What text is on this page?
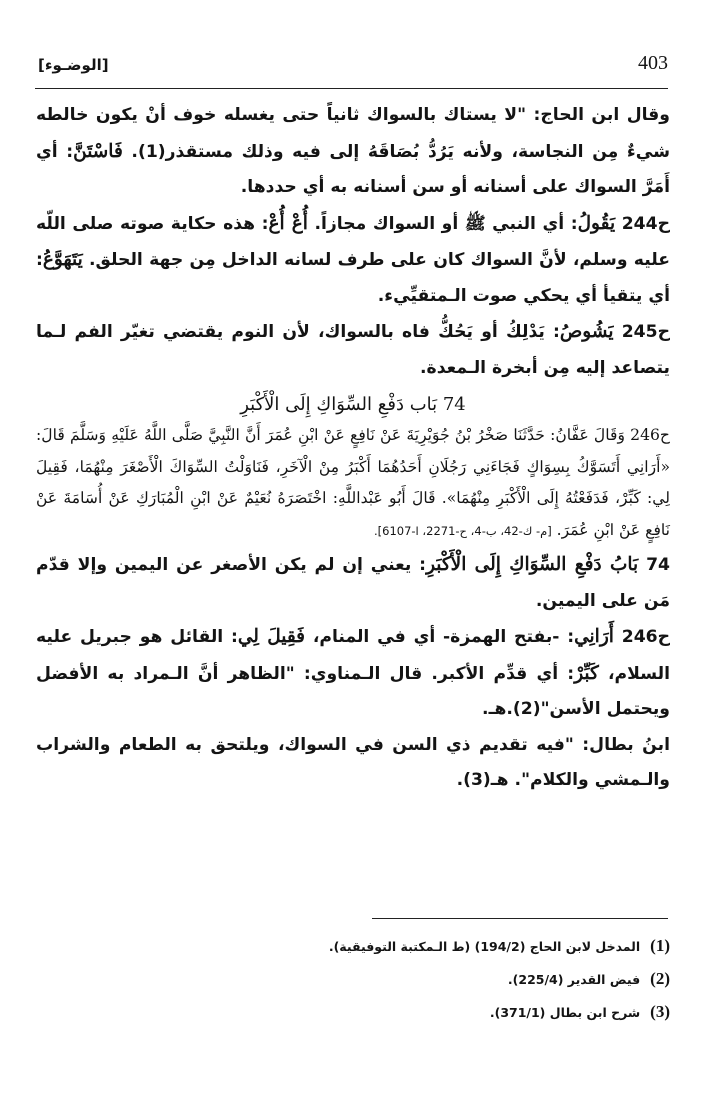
403
[الوضـوء]

وقال ابن الحاج: "لا يستاك بالسواك ثانياً حتى يغسله خوف أنْ يكون خالطه شيءٌ مِن النجاسة، ولأنه يَرُدُّ بُصَاقَهُ إلى فيه وذلك مستقذر(1). فَاسْتَنَّ: أي أَمَرَّ السواك على أسنانه أو سن أسنانه به أي حددها.

ح244 يَقُولُ: أي النبي ﷺ أو السواك مجازاً. أُعْ أُعْ: هذه حكاية صوته صلى اللّه عليه وسلم، لأنَّ السواك كان على طرف لسانه الداخل مِن جهة الحلق. يَتَهَوَّعُ: أي يتقيأ أي يحكي صوت الـمتقيِّيء.

ح245 يَشُوصُ: يَدْلِكُ أو يَحُكُّ فاه بالسواك، لأن النوم يقتضي تغيّر الفم لـما يتصاعد إليه مِن أبخرة الـمعدة.

74 بَاب دَفْعِ السِّوَاكِ إِلَى الْأَكْبَرِ

ح246 وَقَالَ عَفَّانُ: حَدَّثَنَا صَخْرُ بْنُ جُوَيْرِيَةَ عَنْ نَافِعٍ عَنْ ابْنِ عُمَرَ أَنَّ النَّبِيَّ صَلَّى اللَّهُ عَلَيْهِ وَسَلَّمَ قَالَ: «أَرَانِي أَتَسَوَّكُ بِسِوَاكٍ فَجَاءَنِي رَجُلَانِ أَحَدُهُمَا أَكْبَرُ مِنْ الْآخَرِ، فَنَاوَلْتُ السِّوَاكَ الْأَصْغَرَ مِنْهُمَا، فَقِيلَ لِي: كَبِّرْ، فَدَفَعْتُهُ إِلَى الْأَكْبَرِ مِنْهُمَا». قَالَ أَبُو عَبْداللَّهِ: اخْتَصَرَهُ نُعَيْمٌ عَنْ ابْنِ الْمُبَارَكِ عَنْ أُسَامَةَ عَنْ نَافِعٍ عَنْ ابْنِ عُمَرَ. [م- ك-42، ب-4، ح-2271، ا-6107].

74 بَابُ دَفْعِ السِّوَاكِ إِلَى الْأَكْبَرِ: يعني إن لم يكن الأصغر عن اليمين وإلا قدّم مَن على اليمين.

ح246 أَرَانِي: -بفتح الهمزة- أي في المنام، فَقِيلَ لِي: القائل هو جبريل عليه السلام، كَبِّرْ: أي قدِّم الأكبر. قال الـمناوي: "الظاهر أنَّ الـمراد به الأفضل ويحتمل الأسن"(2).هـ.

ابنُ بطال: "فيه تقديم ذي السن في السواك، ويلتحق به الطعام والشراب والـمشي والكلام". هـ(3).

(1)المدخل لابن الحاج (194/2) (ط الـمكتبة التوفيقية).

(2)فيض القدير (225/4).

(3)شرح ابن بطال (371/1).
